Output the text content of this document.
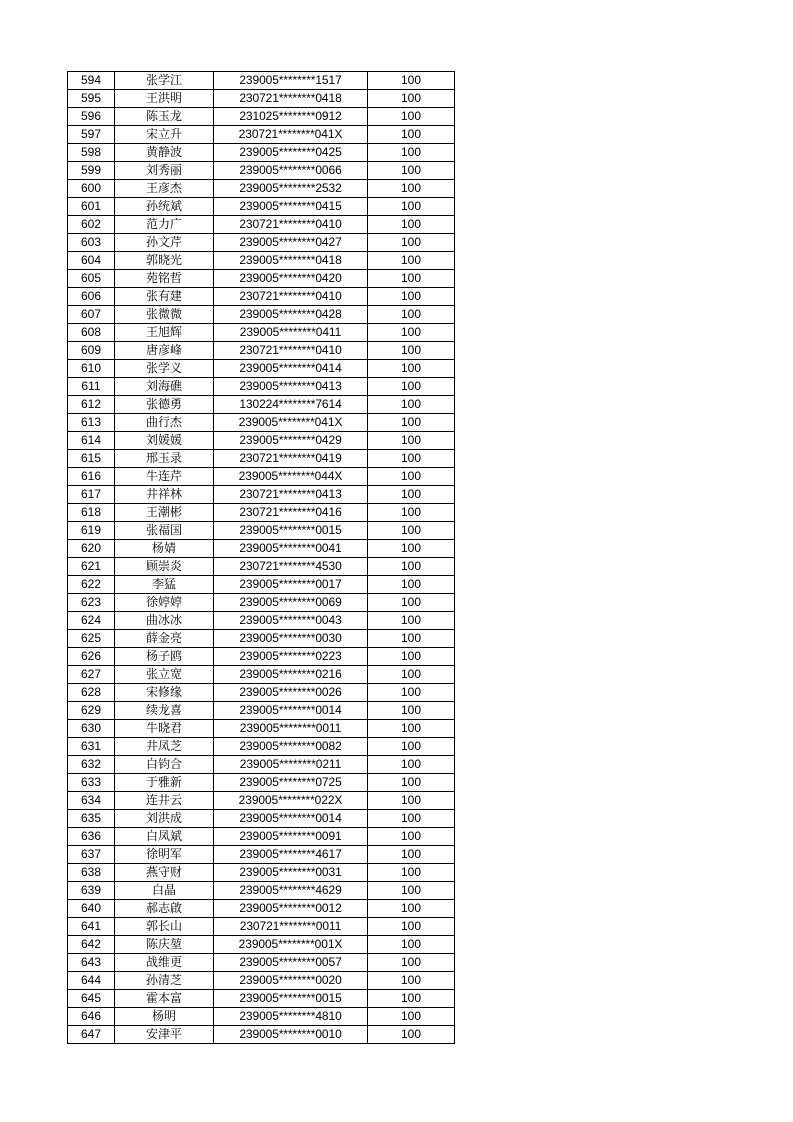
594	张学江	239005********1517	100
595	王洪明	230721********0418	100
596	陈玉龙	231025********0912	100
597	宋立升	230721********041X	100
598	黄静波	239005********0425	100
599	刘秀丽	239005********0066	100
600	王彦杰	239005********2532	100
601	孙统斌	239005********0415	100
602	范力广	230721********0410	100
603	孙文芹	239005********0427	100
604	郭晓光	239005********0418	100
605	苑铭哲	239005********0420	100
606	张有建	230721********0410	100
607	张微微	239005********0428	100
608	王旭辉	239005********0411	100
609	唐彦峰	230721********0410	100
610	张学义	239005********0414	100
611	刘海礁	239005********0413	100
612	张德勇	130224********7614	100
613	曲行杰	239005********041X	100
614	刘媛媛	239005********0429	100
615	邢玉录	230721********0419	100
616	牛连芹	239005********044X	100
617	井祥林	230721********0413	100
618	王潮彬	230721********0416	100
619	张福国	239005********0015	100
620	杨婧	239005********0041	100
621	顾崇炎	230721********4530	100
622	李猛	239005********0017	100
623	徐婷婷	239005********0069	100
624	曲冰冰	239005********0043	100
625	薛金亮	239005********0030	100
626	杨子鸥	239005********0223	100
627	张立宽	239005********0216	100
628	宋修缘	239005********0026	100
629	续龙喜	239005********0014	100
630	牛晓君	239005********0011	100
631	井凤芝	239005********0082	100
632	白钧合	239005********0211	100
633	于雅新	239005********0725	100
634	连井云	239005********022X	100
635	刘洪成	239005********0014	100
636	白凤斌	239005********0091	100
637	徐明军	239005********4617	100
638	燕守财	239005********0031	100
639	白晶	239005********4629	100
640	郝志啟	239005********0012	100
641	郭长山	230721********0011	100
642	陈庆堃	239005********001X	100
643	战维更	239005********0057	100
644	孙清芝	239005********0020	100
645	霍本富	239005********0015	100
646	杨明	239005********4810	100
647	安津平	239005********0010	100
